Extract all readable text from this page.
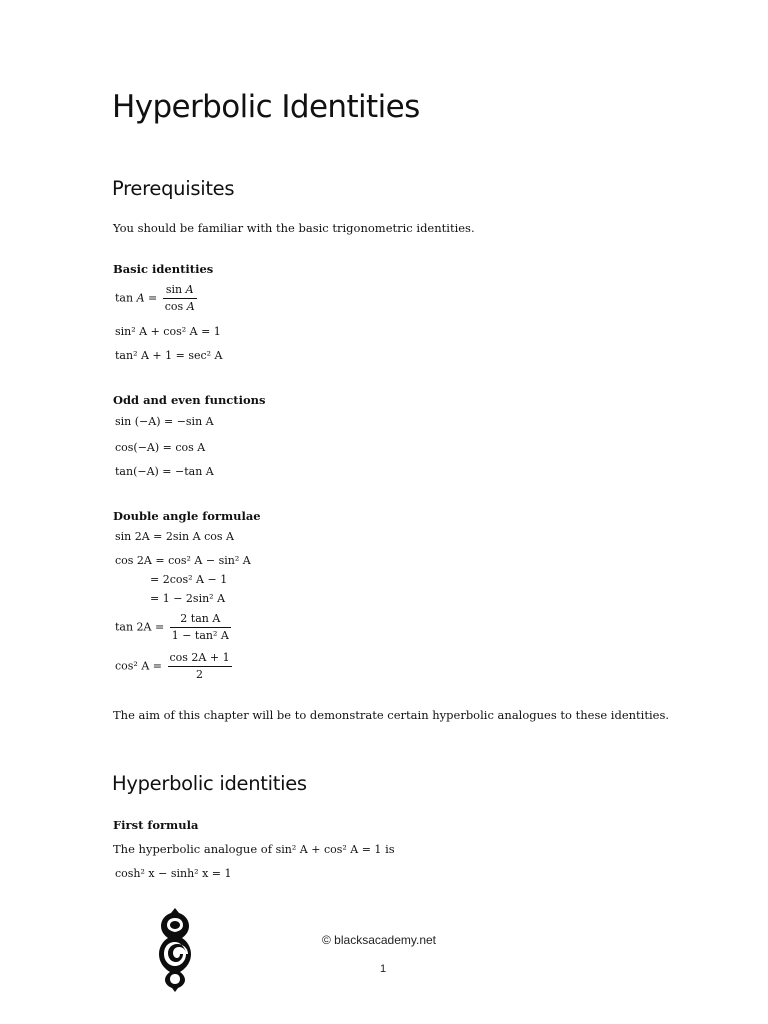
Hyperbolic Identities
Prerequisites
You should be familiar with the basic trigonometric identities.
Basic identities
$\tan A = \frac{\text{sin A}}{\text{cos A}}$
sin² A + cos² A = 1
tan² A + 1 = sec² A
Odd and even functions
sin (−A) = −sin A
cos(−A) = cos A
tan(−A) = −tan A
Double angle formulae
sin 2A = 2sin A cos A
cos 2A = cos² A − sin² A
= 2cos² A − 1
= 1 − 2sin² A
$\tan 2A = \frac{\text{2 tan A}}{\text{1 − tan² A}}$
cos² $A = \frac{\cos 2A + 1}{2}$
The aim of this chapter will be to demonstrate certain hyperbolic analogues to these identities.
Hyperbolic identities
First formula
The hyperbolic analogue of sin² A + cos² A = 1 is
cosh² x − sinh² x = 1
© blacksacademy.net
1
